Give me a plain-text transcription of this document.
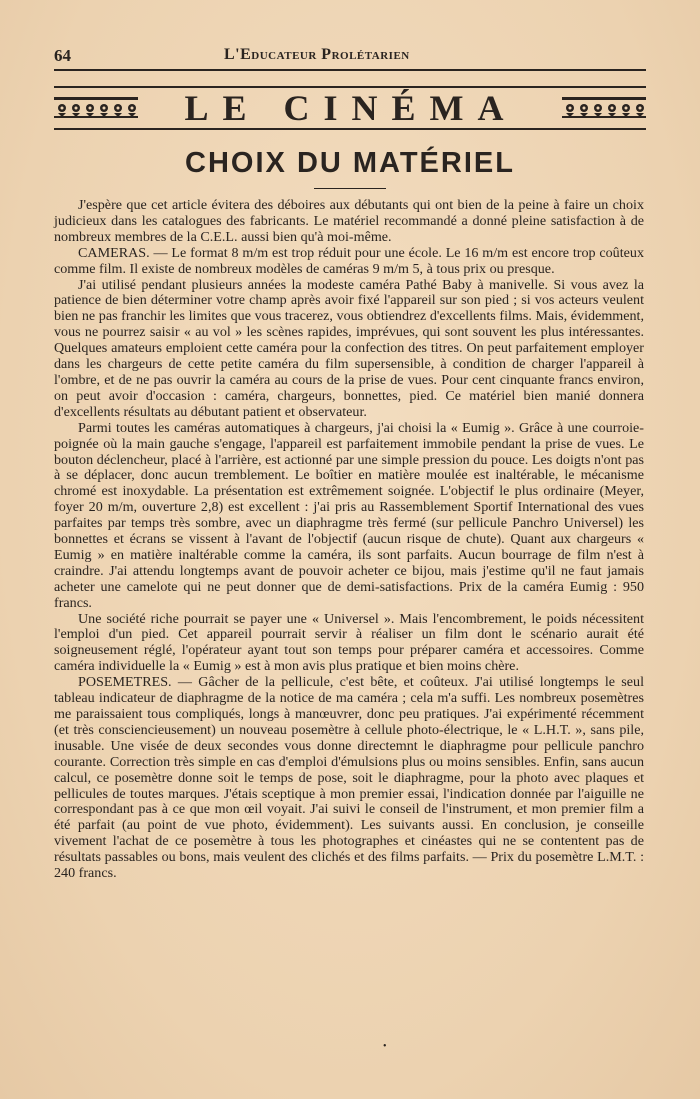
64	L'Educateur Prolétarien
LE CINÉMA
CHOIX DU MATÉRIEL

J'espère que cet article évitera des déboires aux débutants qui ont bien de la peine à faire un choix judicieux dans les catalogues des fabricants. Le matériel recommandé a donné pleine satisfaction à de nombreux membres de la C.E.L. aussi bien qu'à moi-même.

CAMERAS. — Le format 8 m/m est trop réduit pour une école. Le 16 m/m est encore trop coûteux comme film. Il existe de nombreux modèles de caméras 9 m/m 5, à tous prix ou presque.

J'ai utilisé pendant plusieurs années la modeste caméra Pathé Baby à manivelle. Si vous avez la patience de bien déterminer votre champ après avoir fixé l'appareil sur son pied ; si vos acteurs veulent bien ne pas franchir les limites que vous tracerez, vous obtiendrez d'excellents films. Mais, évidemment, vous ne pourrez saisir « au vol » les scènes rapides, imprévues, qui sont souvent les plus intéressantes. Quelques amateurs emploient cette caméra pour la confection des titres. On peut parfaitement employer dans les chargeurs de cette petite caméra du film supersensible, à condition de charger l'appareil à l'ombre, et de ne pas ouvrir la caméra au cours de la prise de vues. Pour cent cinquante francs environ, on peut avoir d'occasion : caméra, chargeurs, bonnettes, pied. Ce matériel bien manié donnera d'excellents résultats au débutant patient et observateur.

Parmi toutes les caméras automatiques à chargeurs, j'ai choisi la « Eumig ». Grâce à une courroie-poignée où la main gauche s'engage, l'appareil est parfaitement immobile pendant la prise de vues. Le bouton déclencheur, placé à l'arrière, est actionné par une simple pression du pouce. Les doigts n'ont pas à se déplacer, donc aucun tremblement. Le boîtier en matière moulée est inaltérable, le mécanisme chromé est inoxydable. La présentation est extrêmement soignée. L'objectif le plus ordinaire (Meyer, foyer 20 m/m, ouverture 2,8) est excellent : j'ai pris au Rassemblement Sportif International des vues parfaites par temps très sombre, avec un diaphragme très fermé (sur pellicule Panchro Universel) les bonnettes et écrans se vissent à l'avant de l'objectif (aucun risque de chute). Quant aux chargeurs « Eumig » en matière inaltérable comme la caméra, ils sont parfaits. Aucun bourrage de film n'est à craindre. J'ai attendu longtemps avant de pouvoir acheter ce bijou, mais j'estime qu'il ne faut jamais acheter une camelote qui ne peut donner que de demi-satisfactions. Prix de la caméra Eumig : 950 francs.

Une société riche pourrait se payer une « Universel ». Mais l'encombrement, le poids nécessitent l'emploi d'un pied. Cet appareil pourrait servir à réaliser un film dont le scénario aurait été soigneusement réglé, l'opérateur ayant tout son temps pour préparer caméra et accessoires. Comme caméra individuelle la « Eumig » est à mon avis plus pratique et bien moins chère.

POSEMETRES. — Gâcher de la pellicule, c'est bête, et coûteux. J'ai utilisé longtemps le seul tableau indicateur de diaphragme de la notice de ma caméra ; cela m'a suffi. Les nombreux posemètres me paraissaient tous compliqués, longs à manœuvrer, donc peu pratiques. J'ai expérimenté récemment (et très consciencieusement) un nouveau posemètre à cellule photo-électrique, le « L.H.T. », sans pile, inusable. Une visée de deux secondes vous donne directemnt le diaphragme pour pellicule panchro courante. Correction très simple en cas d'emploi d'émulsions plus ou moins sensibles. Enfin, sans aucun calcul, ce posemètre donne soit le temps de pose, soit le diaphragme, pour la photo avec plaques et pellicules de toutes marques. J'étais sceptique à mon premier essai, l'indication donnée par l'aiguille ne correspondant pas à ce que mon œil voyait. J'ai suivi le conseil de l'instrument, et mon premier film a été parfait (au point de vue photo, évidemment). Les suivants aussi. En conclusion, je conseille vivement l'achat de ce posemètre à tous les photographes et cinéastes qui ne se contentent pas de résultats passables ou bons, mais veulent des clichés et des films parfaits. — Prix du posemètre L.M.T. : 240 francs.

•
